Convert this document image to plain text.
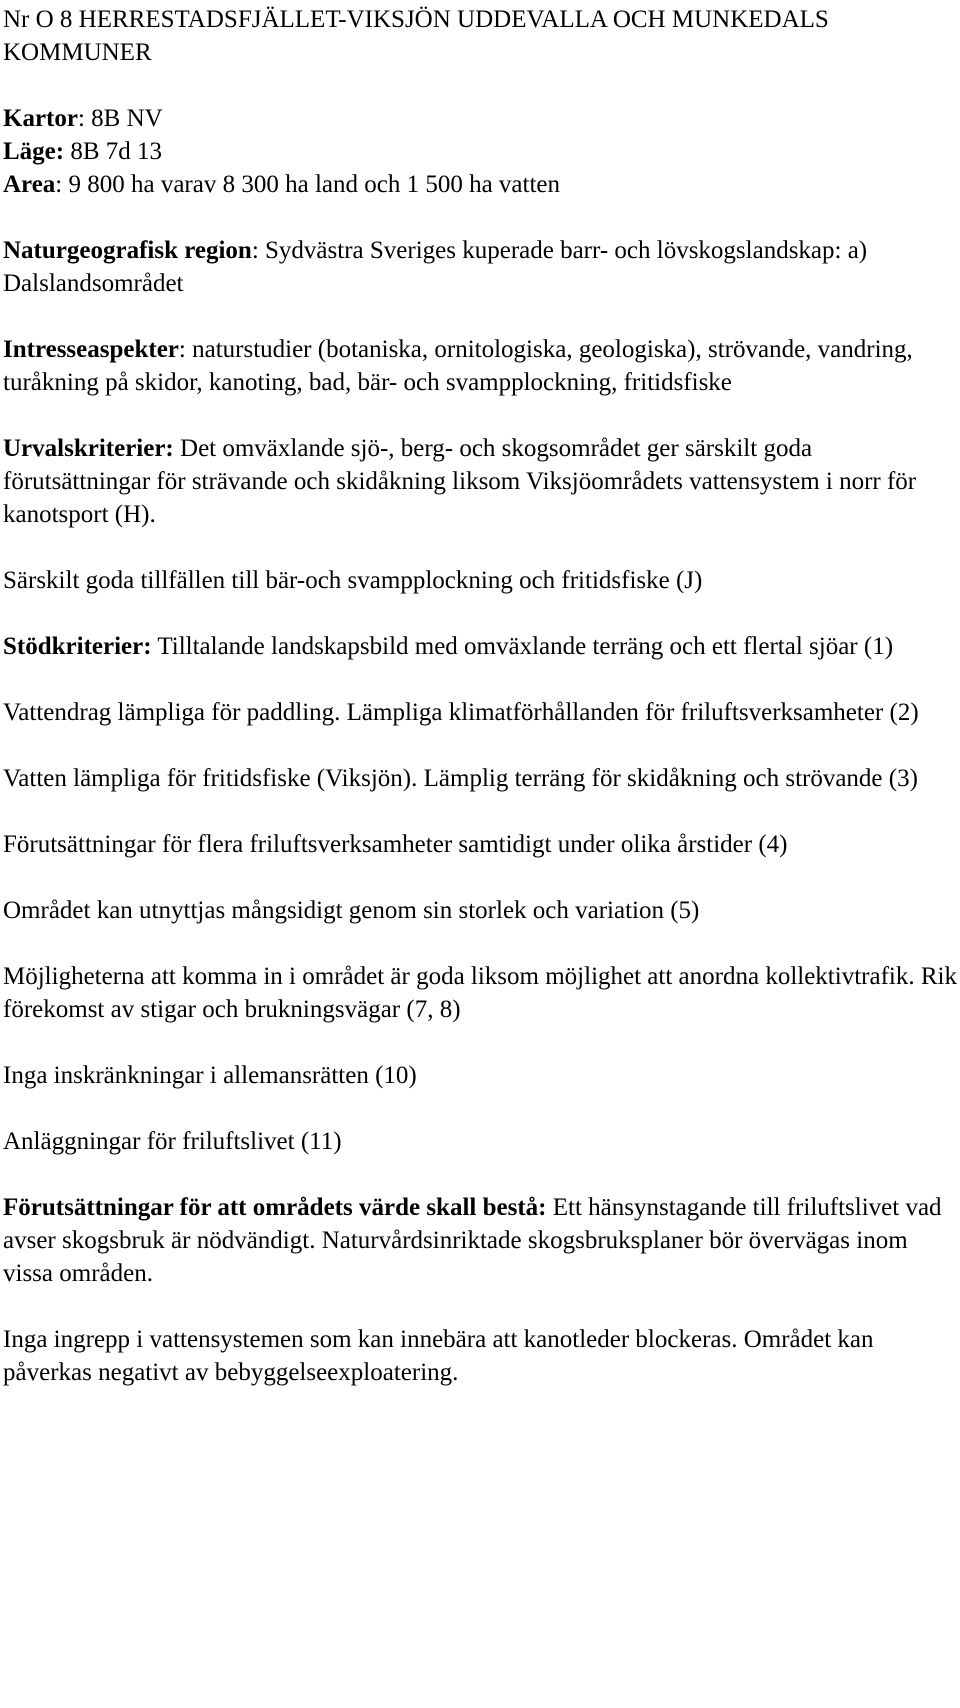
Nr O 8 HERRESTADSFJÄLLET-VIKSJÖN UDDEVALLA OCH MUNKEDALS KOMMUNER

Kartor: 8B NV

Läge: 8B 7d 13

Area: 9 800 ha varav 8 300 ha land och 1 500 ha vatten

Naturgeografisk region: Sydvästra Sveriges kuperade barr- och lövskogslandskap: a) Dalslandsområdet

Intresseaspekter: naturstudier (botaniska, ornitologiska, geologiska), strövande, vandring, turåkning på skidor, kanoting, bad, bär- och svampplockning, fritidsfiske

Urvalskriterier: Det omväxlande sjö-, berg- och skogsområdet ger särskilt goda förutsättningar för strävande och skidåkning liksom Viksjöområdets vattensystem i norr för kanotsport (H).

Särskilt goda tillfällen till bär-och svampplockning och fritidsfiske (J)

Stödkriterier: Tilltalande landskapsbild med omväxlande terräng och ett flertal sjöar (1)

Vattendrag lämpliga för paddling. Lämpliga klimatförhållanden för friluftsverksamheter (2)

Vatten lämpliga för fritidsfiske (Viksjön). Lämplig terräng för skidåkning och strövande (3)

Förutsättningar för flera friluftsverksamheter samtidigt under olika årstider (4)

Området kan utnyttjas mångsidigt genom sin storlek och variation (5)

Möjligheterna att komma in i området är goda liksom möjlighet att anordna kollektivtrafik. Rik förekomst av stigar och brukningsvägar (7, 8)

Inga inskränkningar i allemansrätten (10)

Anläggningar för friluftslivet (11)

Förutsättningar för att områdets värde skall bestå: Ett hänsynstagande till friluftslivet vad avser skogsbruk är nödvändigt. Naturvårdsinriktade skogsbruksplaner bör övervägas inom vissa områden.

Inga ingrepp i vattensystemen som kan innebära att kanotleder blockeras. Området kan påverkas negativt av bebyggelseexploatering.
